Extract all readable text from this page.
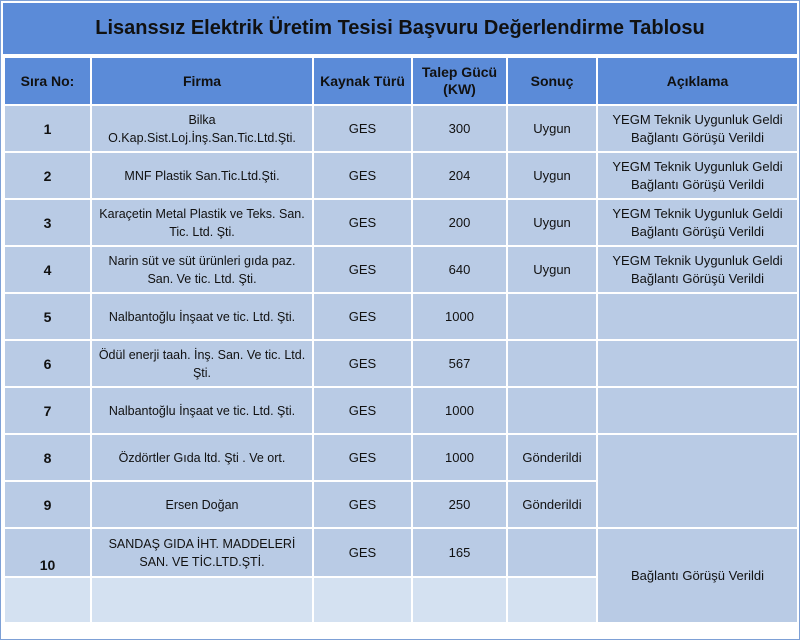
Lisanssız Elektrik Üretim Tesisi Başvuru Değerlendirme Tablosu
Sıra No:	Firma	Kaynak Türü	Talep Gücü (KW)	Sonuç	Açıklama
1	Bilka O.Kap.Sist.Loj.İnş.San.Tic.Ltd.Şti.	GES	300	Uygun	YEGM Teknik Uygunluk Geldi Bağlantı Görüşü Verildi
2	MNF Plastik San.Tic.Ltd.Şti.	GES	204	Uygun	YEGM Teknik Uygunluk Geldi Bağlantı Görüşü Verildi
3	Karaçetin Metal Plastik ve Teks. San. Tic. Ltd. Şti.	GES	200	Uygun	YEGM Teknik Uygunluk Geldi Bağlantı Görüşü Verildi
4	Narin süt ve süt ürünleri gıda paz. San. Ve tic. Ltd. Şti.	GES	640	Uygun	YEGM Teknik Uygunluk Geldi Bağlantı Görüşü Verildi
5	Nalbantoğlu İnşaat ve tic. Ltd. Şti.	GES	1000		
6	Ödül enerji taah. İnş. San. Ve tic. Ltd. Şti.	GES	567		
7	Nalbantoğlu İnşaat ve tic. Ltd. Şti.	GES	1000		
8	Özdörtler Gıda ltd. Şti . Ve ort.	GES	1000	Gönderildi	
9	Ersen Doğan	GES	250	Gönderildi	
10	SANDAŞ GIDA İHT. MADDELERİ SAN. VE TİC.LTD.ŞTİ.	GES	165		Bağlantı Görüşü Verildi
